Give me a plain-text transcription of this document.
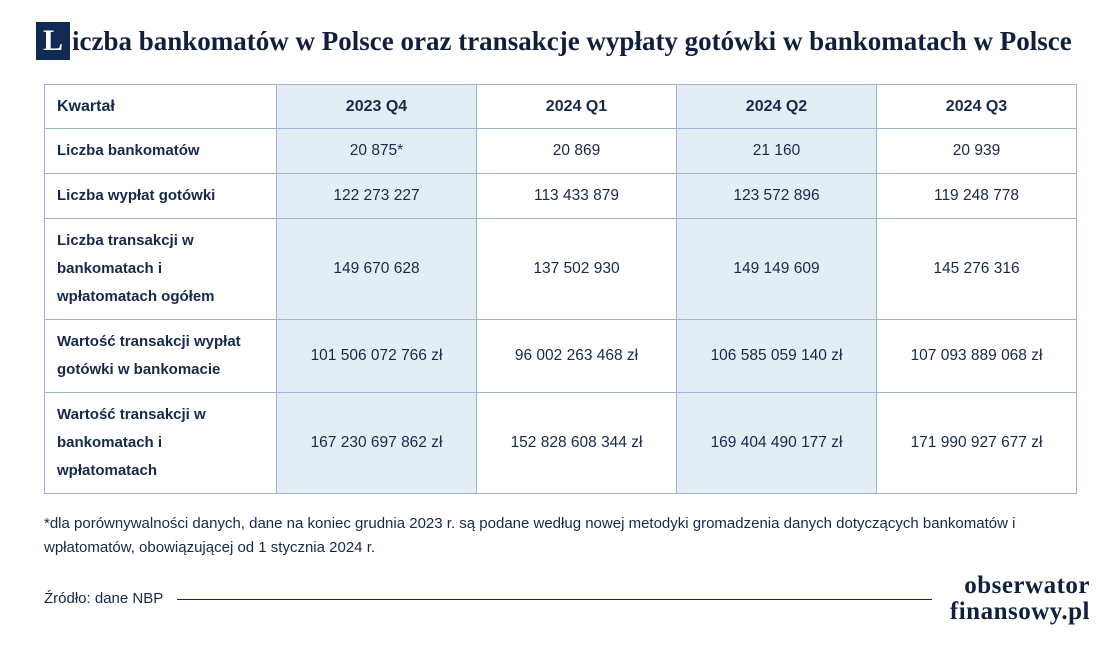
L iczba bankomatów w Polsce oraz transakcje wypłaty gotówki w bankomatach w Polsce
Kwartał	2023 Q4	2024 Q1	2024 Q2	2024 Q3
Liczba bankomatów	20 875*	20 869	21 160	20 939
Liczba wypłat gotówki	122 273 227	113 433 879	123 572 896	119 248 778
Liczba transakcji w bankomatach i wpłatomatach ogółem	149 670 628	137 502 930	149 149 609	145 276 316
Wartość transakcji wypłat gotówki w bankomacie	101 506 072 766 zł	96 002 263 468 zł	106 585 059 140 zł	107 093 889 068 zł
Wartość transakcji w bankomatach i wpłatomatach	167 230 697 862 zł	152 828 608 344 zł	169 404 490 177 zł	171 990 927 677 zł
*dla porównywalności danych, dane na koniec grudnia 2023 r. są podane według nowej metodyki gromadzenia danych dotyczących bankomatów i wpłatomatów, obowiązującej od 1 stycznia 2024 r.
Źródło: dane NBP	obserwator
finansowy.pl
